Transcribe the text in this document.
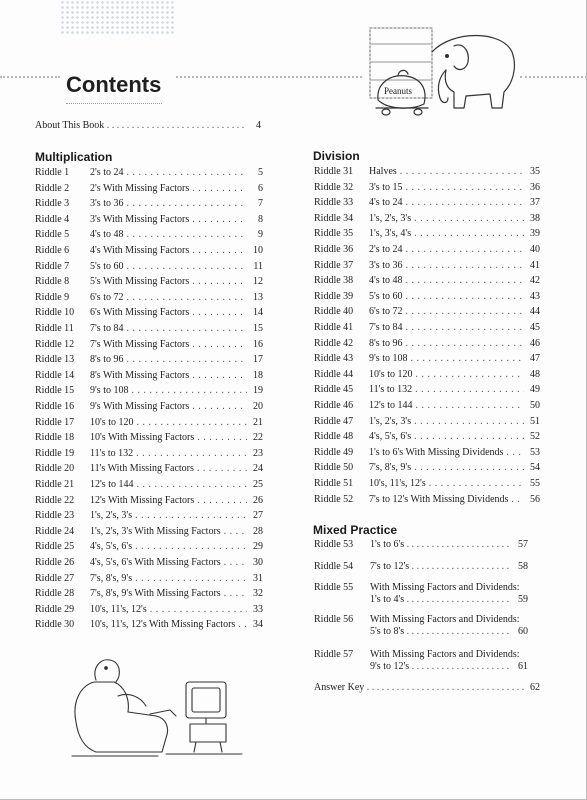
Contents
About This Book . . .	4
Multiplication
Riddle 1	2's to 24 . . .	5
Riddle 2	2's With Missing Factors . . .	6
Riddle 3	3's to 36 . . .	7
Riddle 4	3's With Missing Factors . . .	8
Riddle 5	4's to 48 . . .	9
Riddle 6	4's With Missing Factors . . .	10
Riddle 7	5's to 60 . . .	11
Riddle 8	5's With Missing Factors . . .	12
Riddle 9	6's to 72 . . .	13
Riddle 10	6's With Missing Factors . . .	14
Riddle 11	7's to 84 . . .	15
Riddle 12	7's With Missing Factors . . .	16
Riddle 13	8's to 96 . . .	17
Riddle 14	8's With Missing Factors . . .	18
Riddle 15	9's to 108 . . .	19
Riddle 16	9's With Missing Factors . . .	20
Riddle 17	10's to 120 . . .	21
Riddle 18	10's With Missing Factors . . .	22
Riddle 19	11's to 132 . . .	23
Riddle 20	11's With Missing Factors . . .	24
Riddle 21	12's to 144 . . .	25
Riddle 22	12's With Missing Factors . . .	26
Riddle 23	1's, 2's, 3's . . .	27
Riddle 24	1's, 2's, 3's With Missing Factors . . .	28
Riddle 25	4's, 5's, 6's . . .	29
Riddle 26	4's, 5's, 6's With Missing Factors . . .	30
Riddle 27	7's, 8's, 9's . . .	31
Riddle 28	7's, 8's, 9's With Missing Factors . . .	32
Riddle 29	10's, 11's, 12's . . .	33
Riddle 30	10's, 11's, 12's With Missing Factors . . .	34
Division
Riddle 31	Halves . . .	35
Riddle 32	3's to 15 . . .	36
Riddle 33	4's to 24 . . .	37
Riddle 34	1's, 2's, 3's . . .	38
Riddle 35	1's, 3's, 4's . . .	39
Riddle 36	2's to 24 . . .	40
Riddle 37	3's to 36 . . .	41
Riddle 38	4's to 48 . . .	42
Riddle 39	5's to 60 . . .	43
Riddle 40	6's to 72 . . .	44
Riddle 41	7's to 84 . . .	45
Riddle 42	8's to 96 . . .	46
Riddle 43	9's to 108 . . .	47
Riddle 44	10's to 120 . . .	48
Riddle 45	11's to 132 . . .	49
Riddle 46	12's to 144 . . .	50
Riddle 47	1's, 2's, 3's . . .	51
Riddle 48	4's, 5's, 6's . . .	52
Riddle 49	1's to 6's With Missing Dividends . . .	53
Riddle 50	7's, 8's, 9's . . .	54
Riddle 51	10's, 11's, 12's . . .	55
Riddle 52	7's to 12's With Missing Dividends . . .	56
Mixed Practice
Riddle 53 1's to 6's . . .	57
Riddle 54 7's to 12's . . .	58
Riddle 55 With Missing Factors and Dividends:
1's to 4's . . .	59
Riddle 56 With Missing Factors and Dividends:
5's to 8's . . .	60
Riddle 57 With Missing Factors and Dividends:
9's to 12's . . .	61
Answer Key . . .	62
Peanuts
